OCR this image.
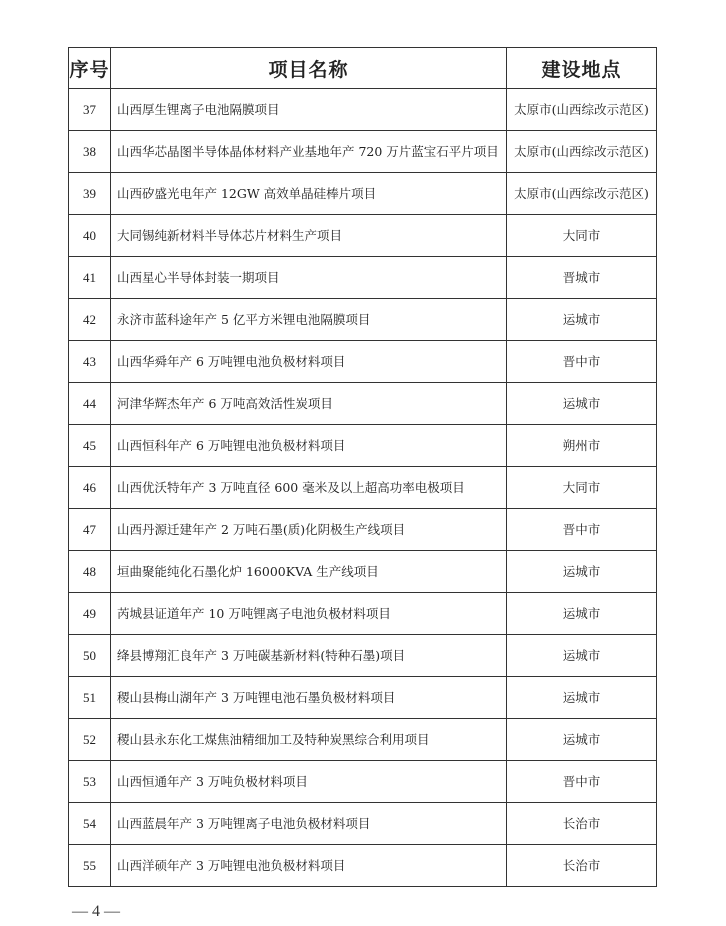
序号	项目名称	建设地点
37	山西厚生锂离子电池隔膜项目	太原市(山西综改示范区)
38	山西华芯晶图半导体晶体材料产业基地年产 720 万片蓝宝石平片项目	太原市(山西综改示范区)
39	山西矽盛光电年产 12GW 高效单晶硅棒片项目	太原市(山西综改示范区)
40	大同锡纯新材料半导体芯片材料生产项目	大同市
41	山西星心半导体封装一期项目	晋城市
42	永济市蓝科途年产 5 亿平方米锂电池隔膜项目	运城市
43	山西华舜年产 6 万吨锂电池负极材料项目	晋中市
44	河津华辉杰年产 6 万吨高效活性炭项目	运城市
45	山西恒科年产 6 万吨锂电池负极材料项目	朔州市
46	山西优沃特年产 3 万吨直径 600 毫米及以上超高功率电极项目	大同市
47	山西丹源迁建年产 2 万吨石墨(质)化阴极生产线项目	晋中市
48	垣曲聚能纯化石墨化炉 16000KVA 生产线项目	运城市
49	芮城县证道年产 10 万吨锂离子电池负极材料项目	运城市
50	绛县博翔汇良年产 3 万吨碳基新材料(特种石墨)项目	运城市
51	稷山县梅山湖年产 3 万吨锂电池石墨负极材料项目	运城市
52	稷山县永东化工煤焦油精细加工及特种炭黑综合利用项目	运城市
53	山西恒通年产 3 万吨负极材料项目	晋中市
54	山西蓝晨年产 3 万吨锂离子电池负极材料项目	长治市
55	山西洋硕年产 3 万吨锂电池负极材料项目	长治市
— 4 —
